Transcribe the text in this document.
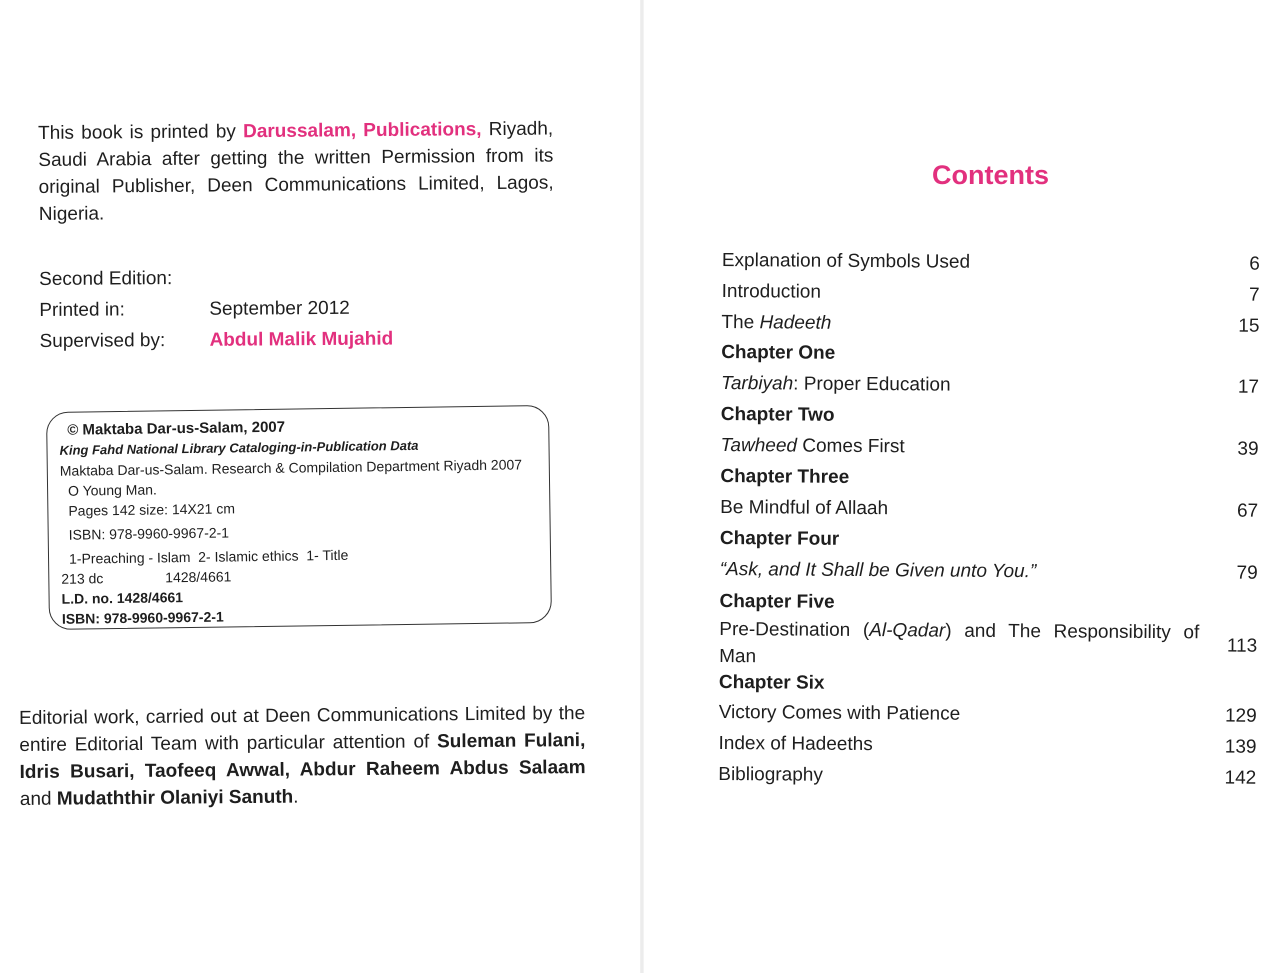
This book is printed by Darussalam, Publications, Riyadh, Saudi Arabia after getting the written Permission from its original Publisher, Deen Communications Limited, Lagos, Nigeria.
Second Edition:
Printed in:	September 2012
Supervised by:	Abdul Malik Mujahid
© Maktaba Dar-us-Salam, 2007
King Fahd National Library Cataloging-in-Publication Data
Maktaba Dar-us-Salam. Research & Compilation Department Riyadh 2007
O Young Man.
Pages 142 size: 14X21 cm
ISBN: 978-9960-9967-2-1
1-Preaching - Islam  2- Islamic ethics  1- Title
213 dc	1428/4661
L.D. no. 1428/4661
ISBN: 978-9960-9967-2-1
Editorial work, carried out at Deen Communications Limited by the entire Editorial Team with particular attention of Suleman Fulani, Idris Busari, Taofeeq Awwal, Abdur Raheem Abdus Salaam and Mudaththir Olaniyi Sanuth.
Contents
Explanation of Symbols Used	6
Introduction	7
The Hadeeth	15
Chapter One
Tarbiyah: Proper Education	17
Chapter Two
Tawheed Comes First	39
Chapter Three
Be Mindful of Allaah	67
Chapter Four
“Ask, and It Shall be Given unto You.”	79
Chapter Five
Pre-Destination (Al-Qadar) and The Responsibility of Man	113
Chapter Six
Victory Comes with Patience	129
Index of Hadeeths	139
Bibliography	142
